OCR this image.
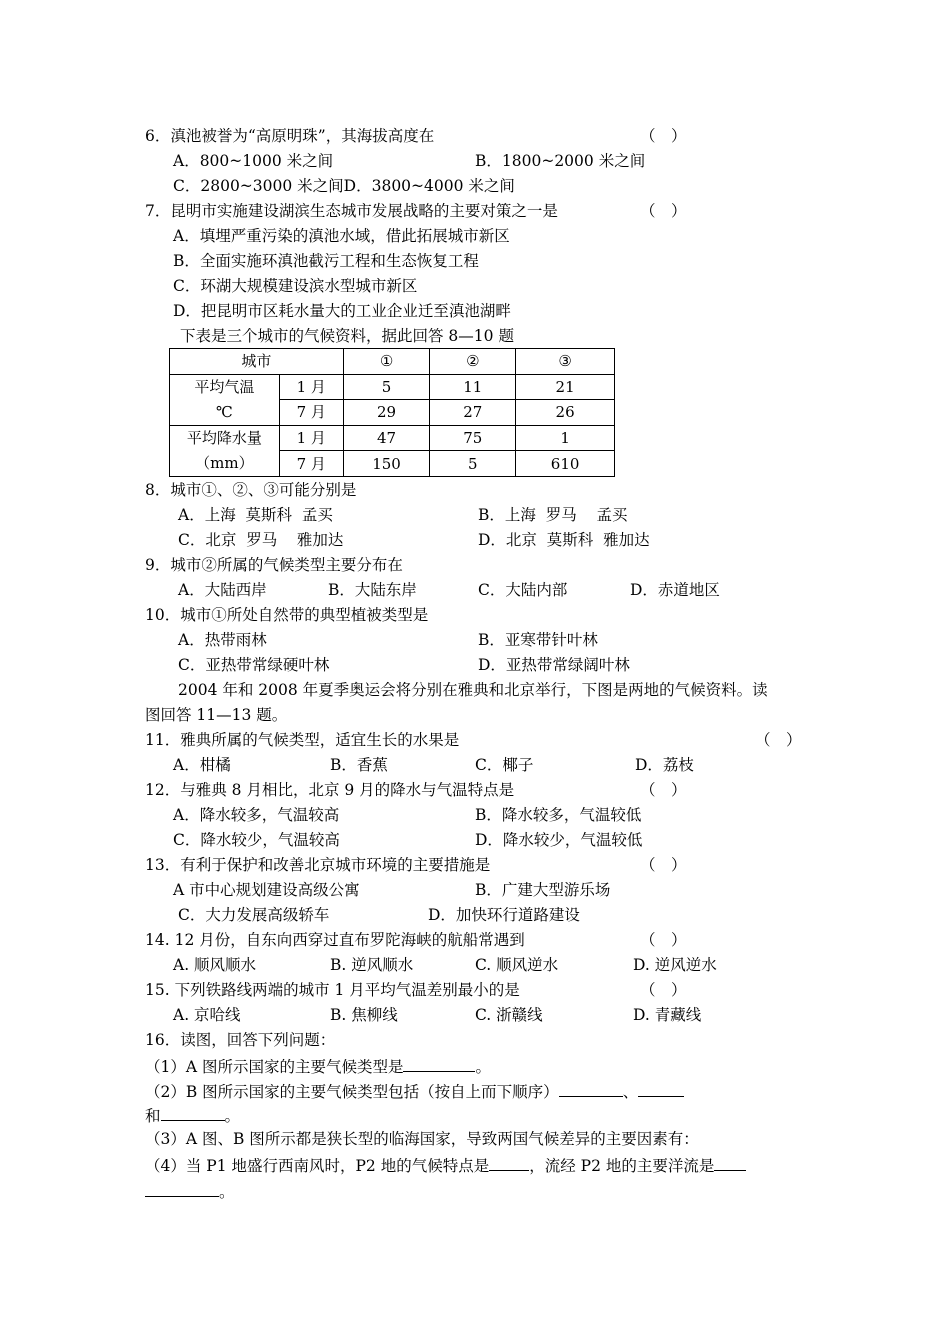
6．滇池被誉为“高原明珠”，其海拔高度在	（　）
A．800~1000 米之间	B．1800~2000 米之间
C．2800~3000 米之间D．3800~4000 米之间
7．昆明市实施建设湖滨生态城市发展战略的主要对策之一是	（　）
A．填埋严重污染的滇池水域，借此拓展城市新区
B．全面实施环滇池截污工程和生态恢复工程
C．环湖大规模建设滨水型城市新区
D．把昆明市区耗水量大的工业企业迁至滇池湖畔
下表是三个城市的气候资料，据此回答 8—10 题
城市		①	②	③
平均气温	1 月	5	11	21
℃	7 月	29	27	26
平均降水量	1 月	47	75	1
（mm）	7 月	150	5	610
8．城市①、②、③可能分别是
A．上海  莫斯科  孟买	B．上海  罗马    孟买
C．北京  罗马    雅加达	D．北京  莫斯科  雅加达
9．城市②所属的气候类型主要分布在
A．大陆西岸	B．大陆东岸	C．大陆内部	D．赤道地区
10．城市①所处自然带的典型植被类型是
A．热带雨林	B．亚寒带针叶林
C．亚热带常绿硬叶林	D．亚热带常绿阔叶林
2004 年和 2008 年夏季奥运会将分别在雅典和北京举行，下图是两地的气候资料。读
图回答 11—13 题。
11．雅典所属的气候类型，适宜生长的水果是	（　）
A．柑橘	B．香蕉	C．椰子	D．荔枝
12．与雅典 8 月相比，北京 9 月的降水与气温特点是	（　）
A．降水较多，气温较高	B．降水较多，气温较低
C．降水较少，气温较高	D．降水较少，气温较低
13．有利于保护和改善北京城市环境的主要措施是	（　）
A 市中心规划建设高级公寓	B．广建大型游乐场
C．大力发展高级轿车	D．加快环行道路建设
14. 12 月份，自东向西穿过直布罗陀海峡的航船常遇到	（　）
A. 顺风顺水	B. 逆风顺水	C. 顺风逆水	D. 逆风逆水
15. 下列铁路线两端的城市 1 月平均气温差别最小的是	（　）
A. 京哈线	B. 焦柳线	C. 浙赣线	D. 青藏线
16．读图，回答下列问题：
（1）A 图所示国家的主要气候类型是	。
（2）B 图所示国家的主要气候类型包括（按自上而下顺序）	、
和	。
（3）A 图、B 图所示都是狭长型的临海国家，导致两国气候差异的主要因素有：
（4）当 P1 地盛行西南风时，P2 地的气候特点是	，流经 P2 地的主要洋流是
。
